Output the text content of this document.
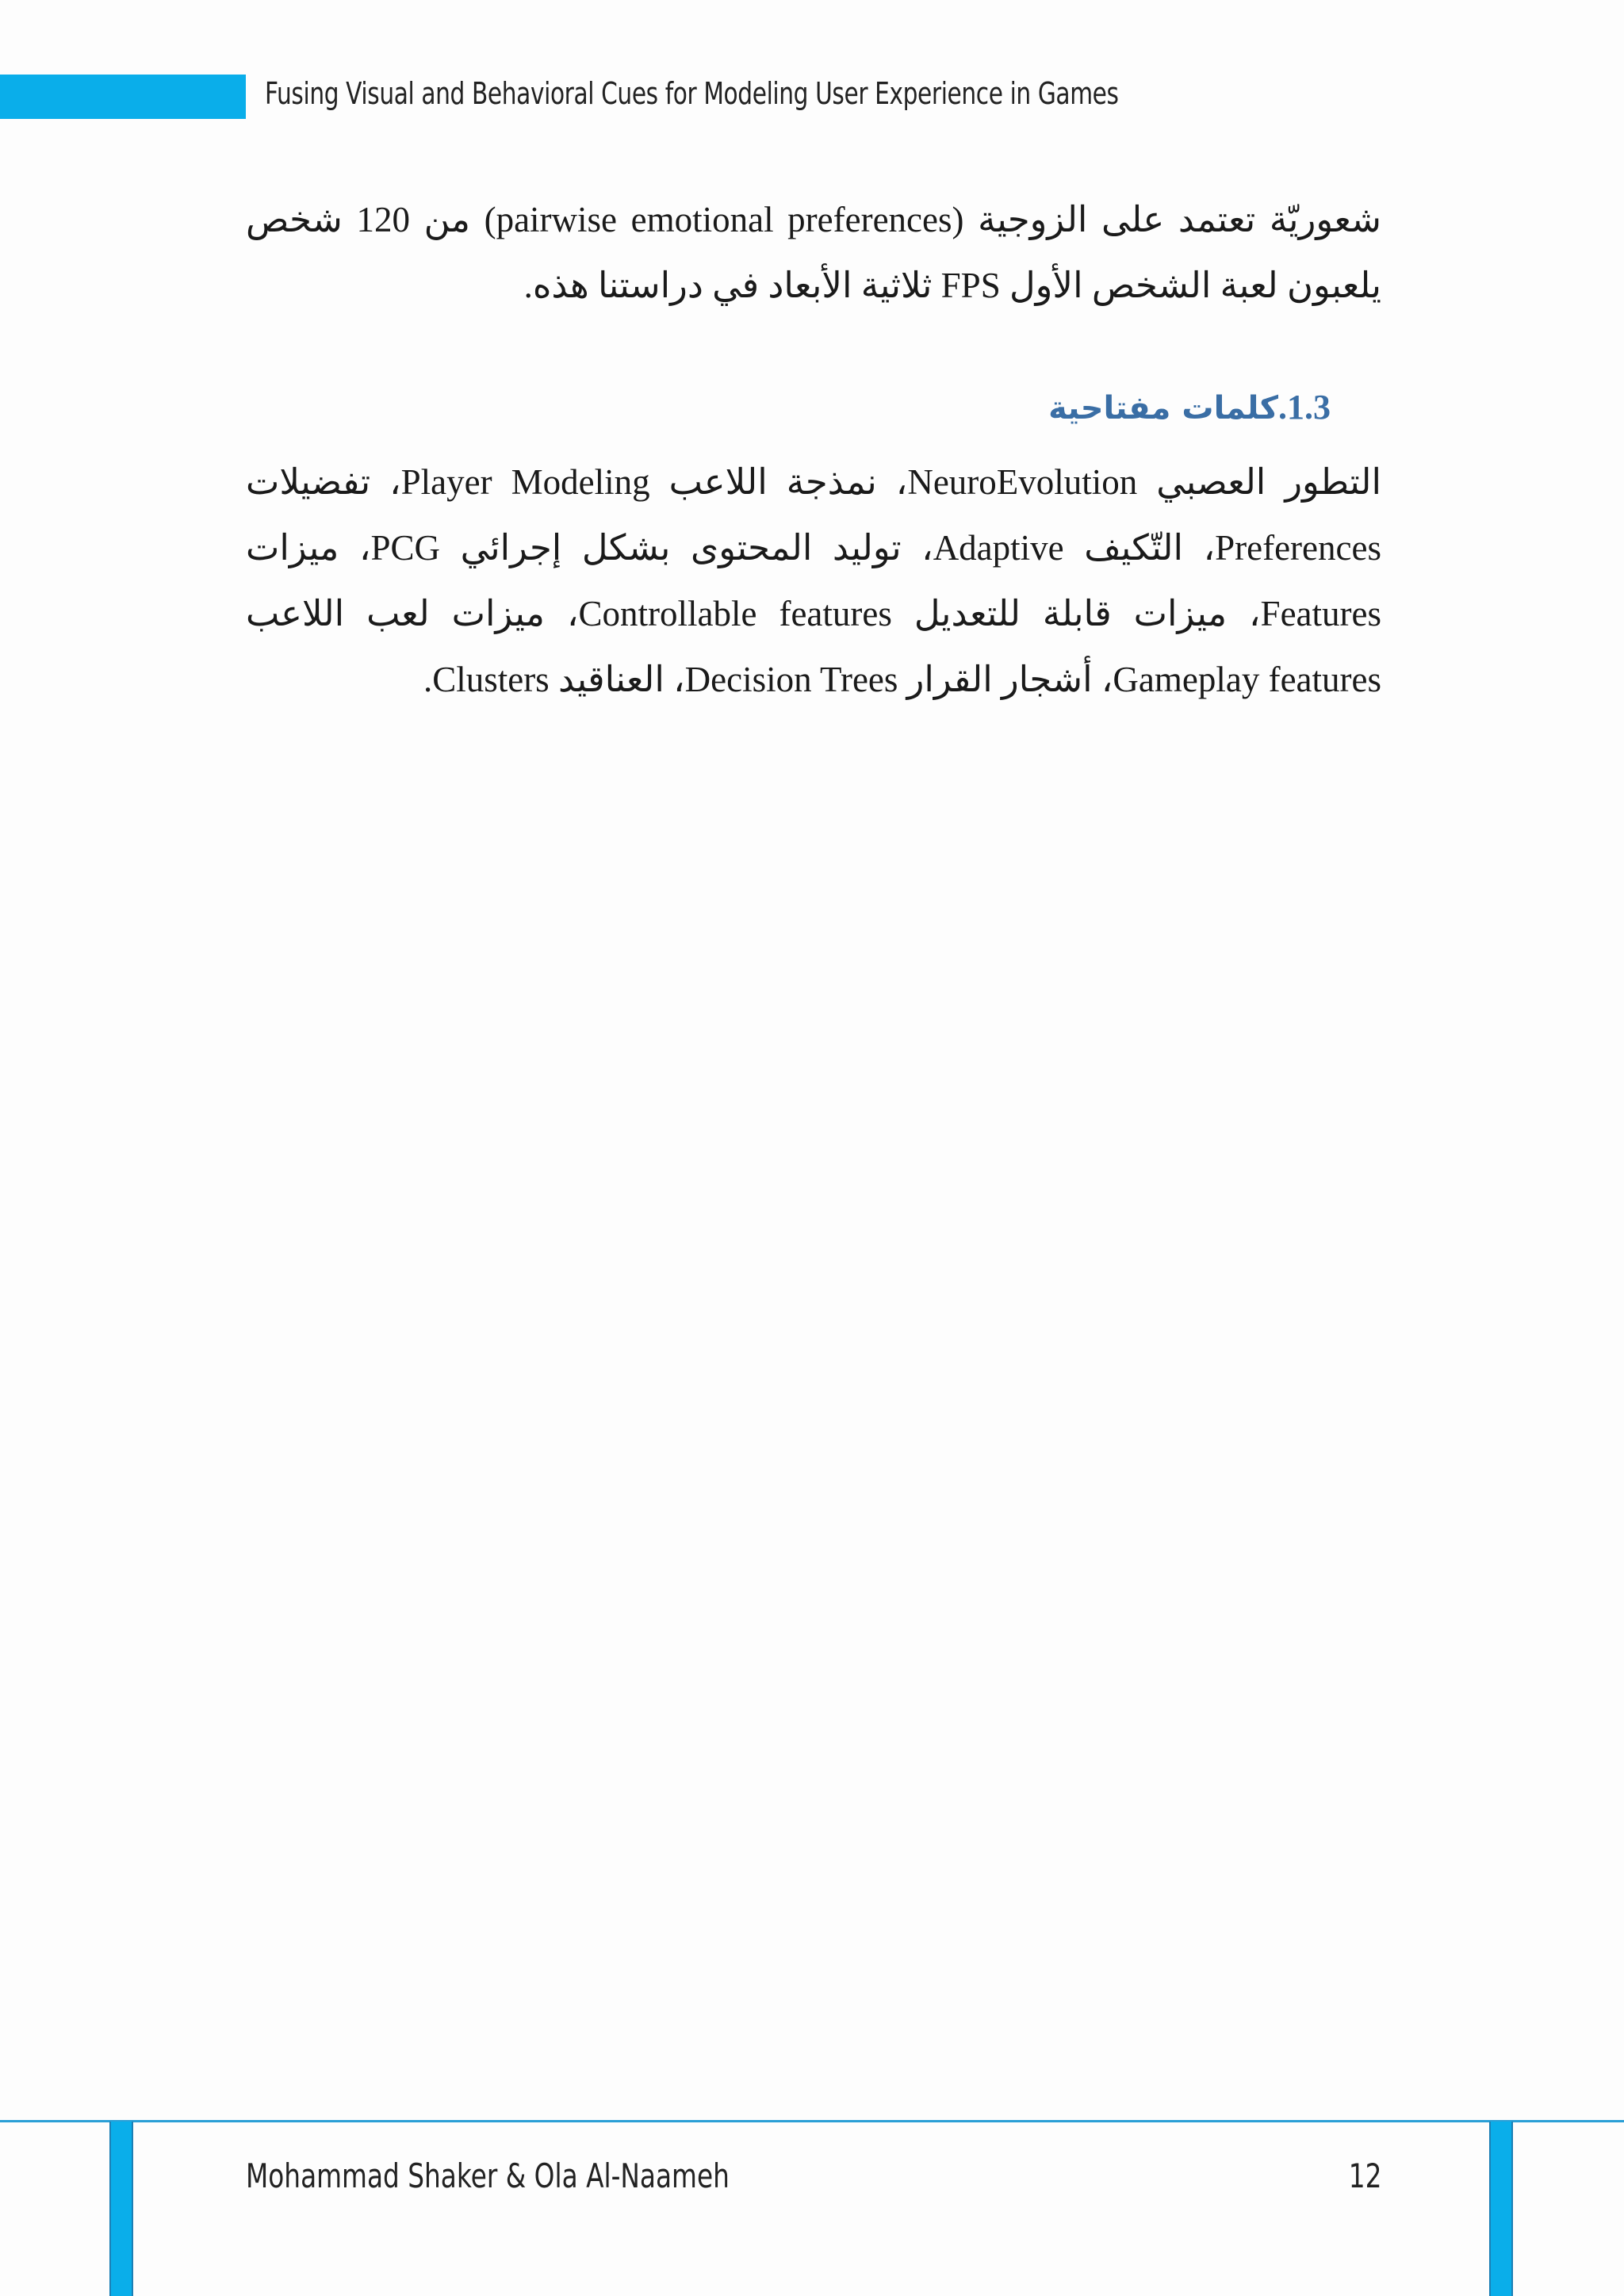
Fusing Visual and Behavioral Cues for Modeling User Experience in Games

شعوريّة تعتمد على الزوجية (pairwise emotional preferences) من 120 شخص يلعبون لعبة الشخص الأول FPS ثلاثية الأبعاد في دراستنا هذه.

1.3.كلمات مفتاحية

التطور العصبي NeuroEvolution، نمذجة اللاعب Player Modeling، تفضيلات Preferences، التّكيف Adaptive، توليد المحتوى بشكل إجرائي PCG، ميزات Features، ميزات قابلة للتعديل Controllable features، ميزات لعب اللاعب Gameplay features، أشجار القرار Decision Trees، العناقيد Clusters.

Mohammad Shaker & Ola Al-Naameh	12
